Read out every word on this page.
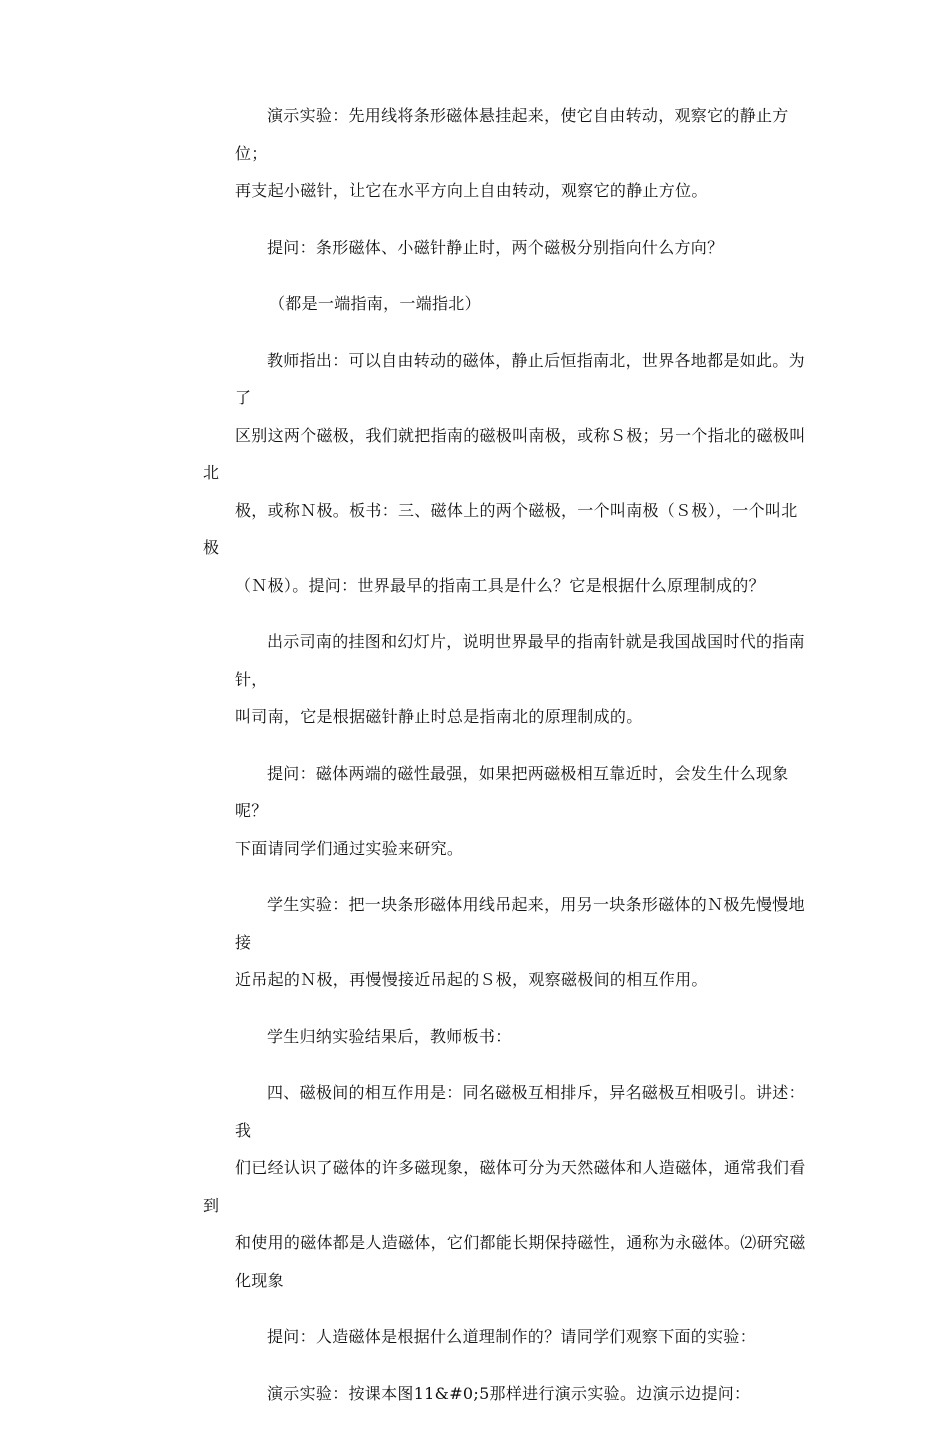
演示实验：先用线将条形磁体悬挂起来，使它自由转动，观察它的静止方位；
再支起小磁针，让它在水平方向上自由转动，观察它的静止方位。

提问：条形磁体、小磁针静止时，两个磁极分别指向什么方向？

（都是一端指南，一端指北）

教师指出：可以自由转动的磁体，静止后恒指南北，世界各地都是如此。为了
区别这两个磁极，我们就把指南的磁极叫南极，或称Ｓ极；另一个指北的磁极叫北
极，或称Ｎ极。板书：三、磁体上的两个磁极，一个叫南极（Ｓ极），一个叫北极
（Ｎ极）。提问：世界最早的指南工具是什么？它是根据什么原理制成的？

出示司南的挂图和幻灯片，说明世界最早的指南针就是我国战国时代的指南针，
叫司南，它是根据磁针静止时总是指南北的原理制成的。

提问：磁体两端的磁性最强，如果把两磁极相互靠近时，会发生什么现象呢？
下面请同学们通过实验来研究。

学生实验：把一块条形磁体用线吊起来，用另一块条形磁体的Ｎ极先慢慢地接
近吊起的Ｎ极，再慢慢接近吊起的Ｓ极，观察磁极间的相互作用。

学生归纳实验结果后，教师板书：

四、磁极间的相互作用是：同名磁极互相排斥，异名磁极互相吸引。讲述：我
们已经认识了磁体的许多磁现象，磁体可分为天然磁体和人造磁体，通常我们看到
和使用的磁体都是人造磁体，它们都能长期保持磁性，通称为永磁体。⑵研究磁
化现象

提问：人造磁体是根据什么道理制作的？请同学们观察下面的实验：

演示实验：按课本图11&#0;5那样进行演示实验。边演示边提问：
